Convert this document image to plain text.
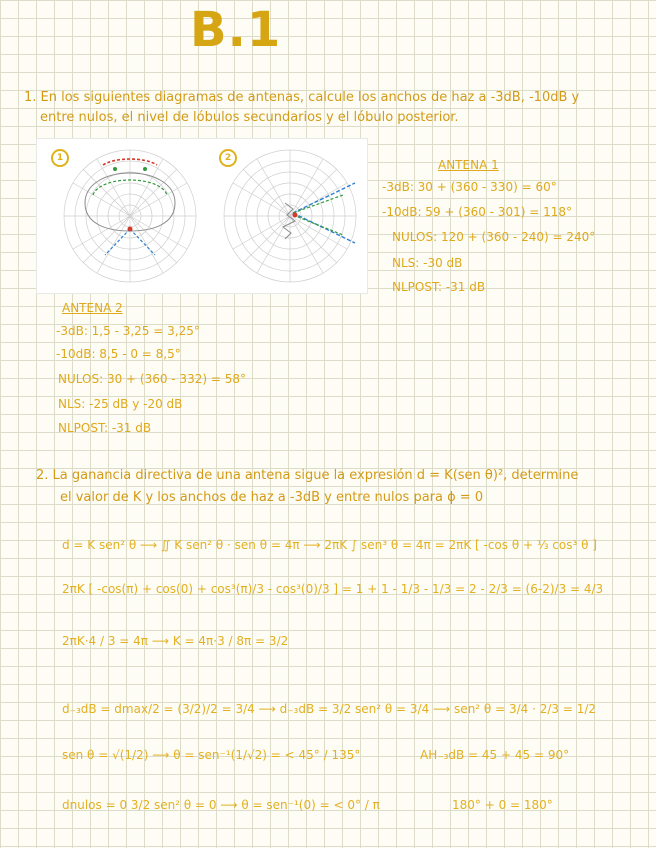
B.1
1. En los siguientes diagramas de antenas, calcule los anchos de haz a -3dB, -10dB y
entre nulos, el nivel de lóbulos secundarios y el lóbulo posterior.
1	2	ANTENA 1
-3dB: 30 + (360 - 330) = 60°
-10dB: 59 + (360 - 301) = 118°
NULOS: 120 + (360 - 240) = 240°
NLS: -30 dB
NLPOST: -31 dB
ANTENA 2
-3dB: 1,5 - 3,25 = 3,25°
-10dB: 8,5 - 0 = 8,5°
NULOS: 30 + (360 - 332) = 58°
NLS: -25 dB y -20 dB
NLPOST: -31 dB
2. La ganancia directiva de una antena sigue la expresión d = K(sen θ)², determine
el valor de K y los anchos de haz a -3dB y entre nulos para ϕ = 0
d = K sen² θ ⟶ ∬ K sen² θ · sen θ = 4π ⟶ 2πK ∫ sen³ θ = 4π = 2πK [ -cos θ + ⅓ cos³ θ ]
2πK [ -cos(π) + cos(0) + cos³(π)/3 - cos³(0)/3 ] = 1 + 1 - 1/3 - 1/3 = 2 - 2/3 = (6-2)/3 = 4/3
2πK·4 / 3 = 4π ⟶ K = 4π·3 / 8π = 3/2
d₋₃dB = dmax/2 = (3/2)/2 = 3/4 ⟶ d₋₃dB = 3/2 sen² θ = 3/4 ⟶ sen² θ = 3/4 · 2/3 = 1/2
sen θ = √(1/2) ⟶ θ = sen⁻¹(1/√2) = < 45° / 135°	AH₋₃dB = 45 + 45 = 90°
dnulos = 0 3/2 sen² θ = 0 ⟶ θ = sen⁻¹(0) = < 0° / π	180° + 0 = 180°
